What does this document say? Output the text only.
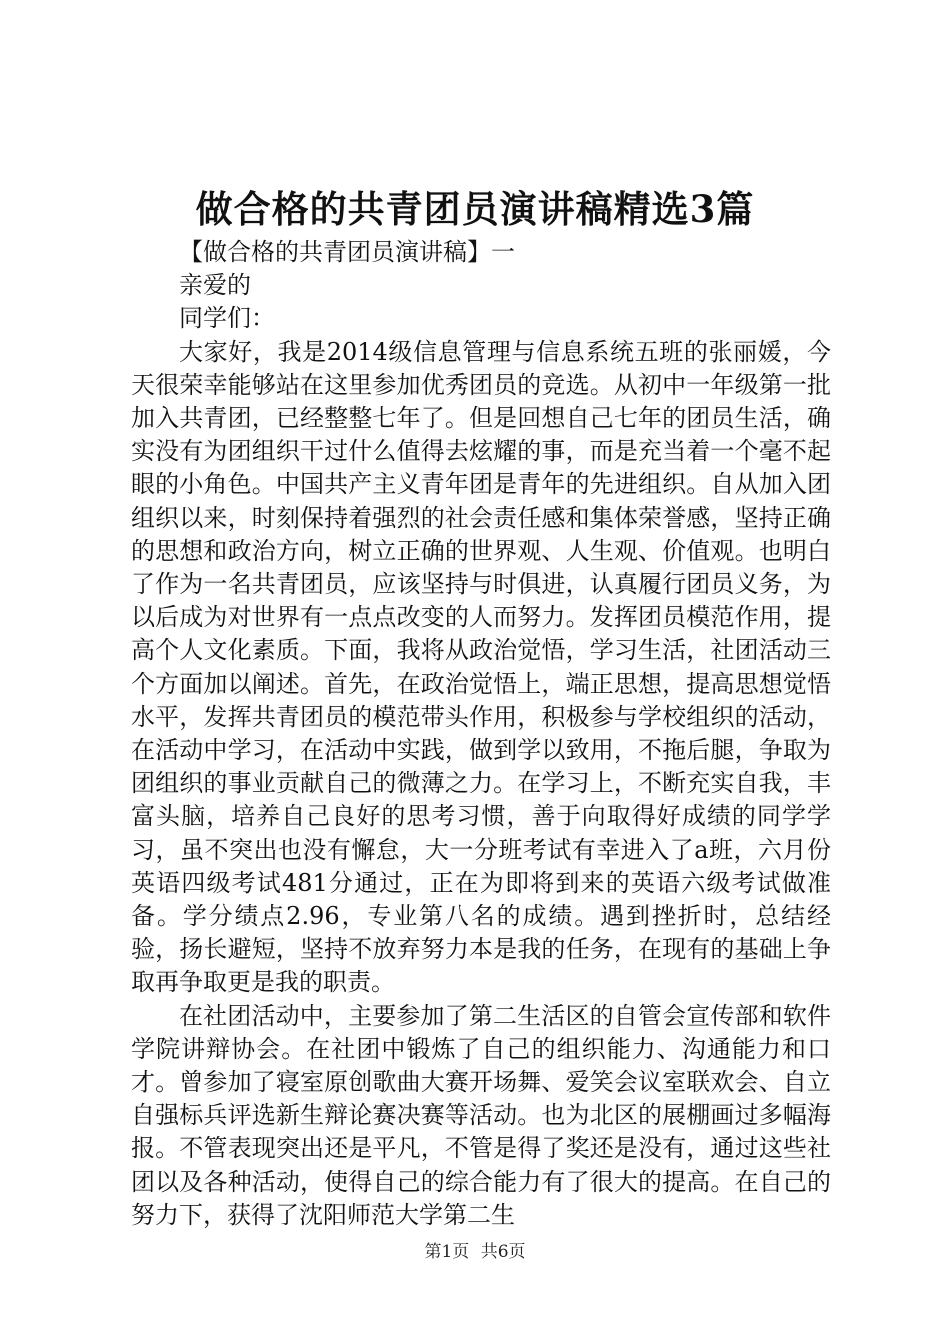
做合格的共青团员演讲稿精选3篇

【做合格的共青团员演讲稿】一

亲爱的

同学们：

大家好，我是2014级信息管理与信息系统五班的张丽媛，今天很荣幸能够站在这里参加优秀团员的竞选。从初中一年级第一批加入共青团，已经整整七年了。但是回想自己七年的团员生活，确实没有为团组织干过什么值得去炫耀的事，而是充当着一个毫不起眼的小角色。中国共产主义青年团是青年的先进组织。自从加入团组织以来，时刻保持着强烈的社会责任感和集体荣誉感，坚持正确的思想和政治方向，树立正确的世界观、人生观、价值观。也明白了作为一名共青团员，应该坚持与时俱进，认真履行团员义务，为以后成为对世界有一点点改变的人而努力。发挥团员模范作用，提高个人文化素质。下面，我将从政治觉悟，学习生活，社团活动三个方面加以阐述。首先，在政治觉悟上，端正思想，提高思想觉悟水平，发挥共青团员的模范带头作用，积极参与学校组织的活动，在活动中学习，在活动中实践，做到学以致用，不拖后腿，争取为团组织的事业贡献自己的微薄之力。在学习上，不断充实自我，丰富头脑，培养自己良好的思考习惯，善于向取得好成绩的同学学习，虽不突出也没有懈怠，大一分班考试有幸进入了a班，六月份英语四级考试481分通过，正在为即将到来的英语六级考试做准备。学分绩点2.96，专业第八名的成绩。遇到挫折时，总结经验，扬长避短，坚持不放弃努力本是我的任务，在现有的基础上争取再争取更是我的职责。

在社团活动中，主要参加了第二生活区的自管会宣传部和软件学院讲辩协会。在社团中锻炼了自己的组织能力、沟通能力和口才。曾参加了寝室原创歌曲大赛开场舞、爱笑会议室联欢会、自立自强标兵评选新生辩论赛决赛等活动。也为北区的展棚画过多幅海报。不管表现突出还是平凡，不管是得了奖还是没有，通过这些社团以及各种活动，使得自己的综合能力有了很大的提高。在自己的努力下，获得了沈阳师范大学第二生

第1页 共6页
